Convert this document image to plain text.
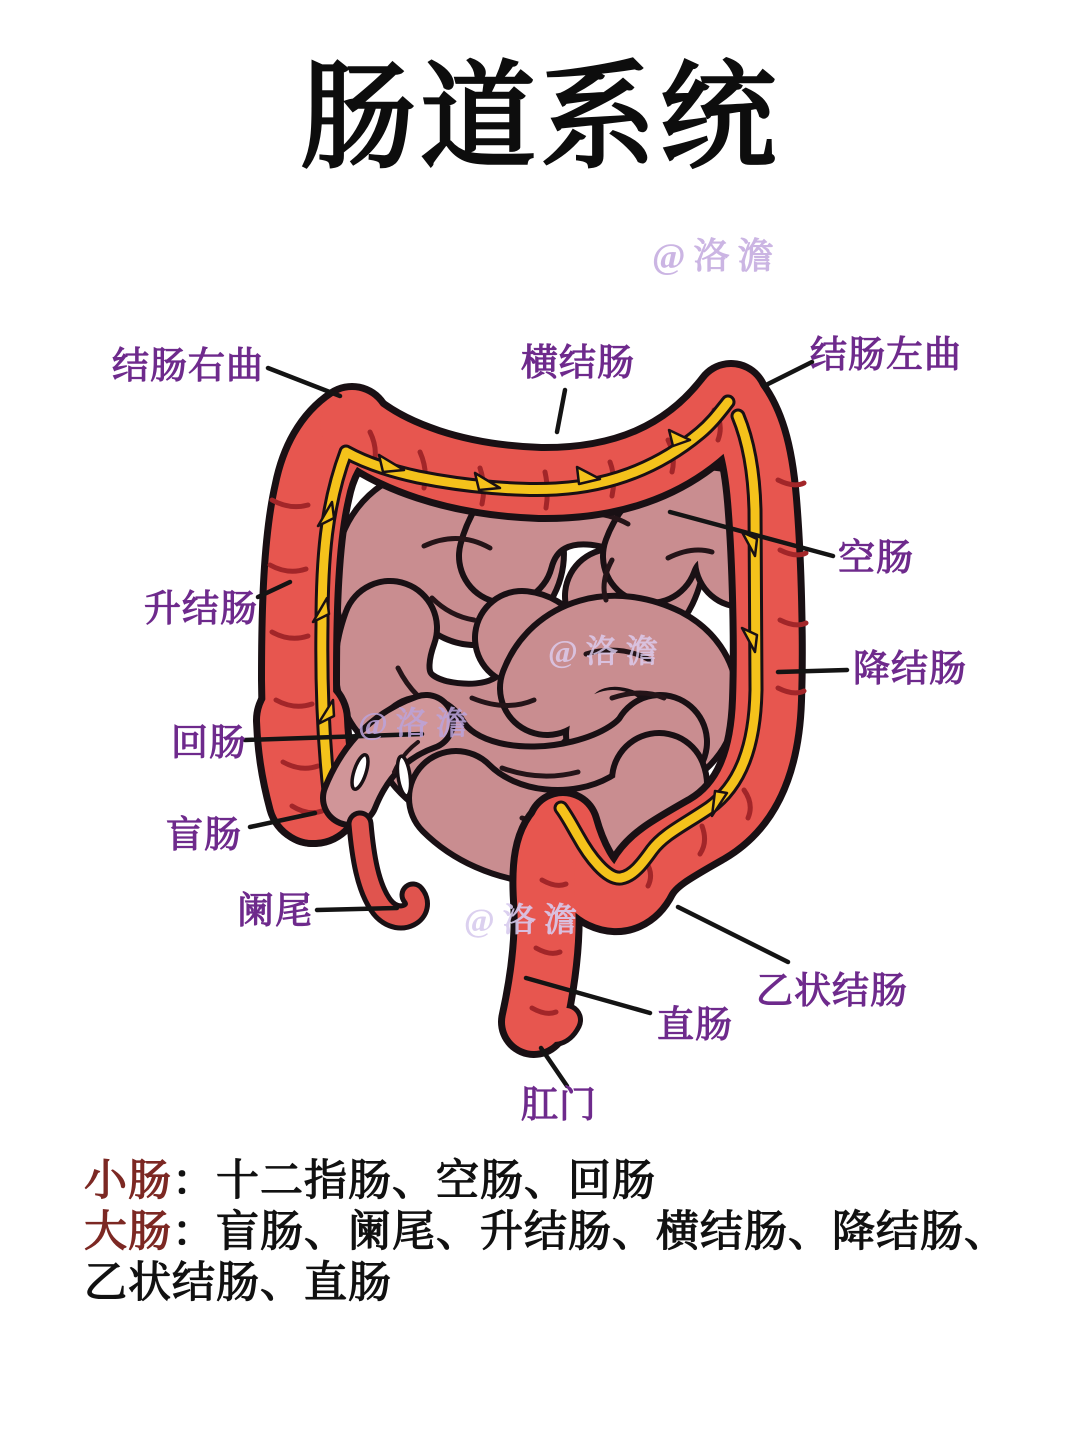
肠道系统
@洛澹
@洛澹
@洛澹
@洛澹
结肠右曲	横结肠	结肠左曲
升结肠
空肠
降结肠
回肠
盲肠
阑尾
乙状结肠
直肠
肛门
小肠：十二指肠、空肠、回肠
大肠：盲肠、阑尾、升结肠、横结肠、降结肠、
乙状结肠、直肠
